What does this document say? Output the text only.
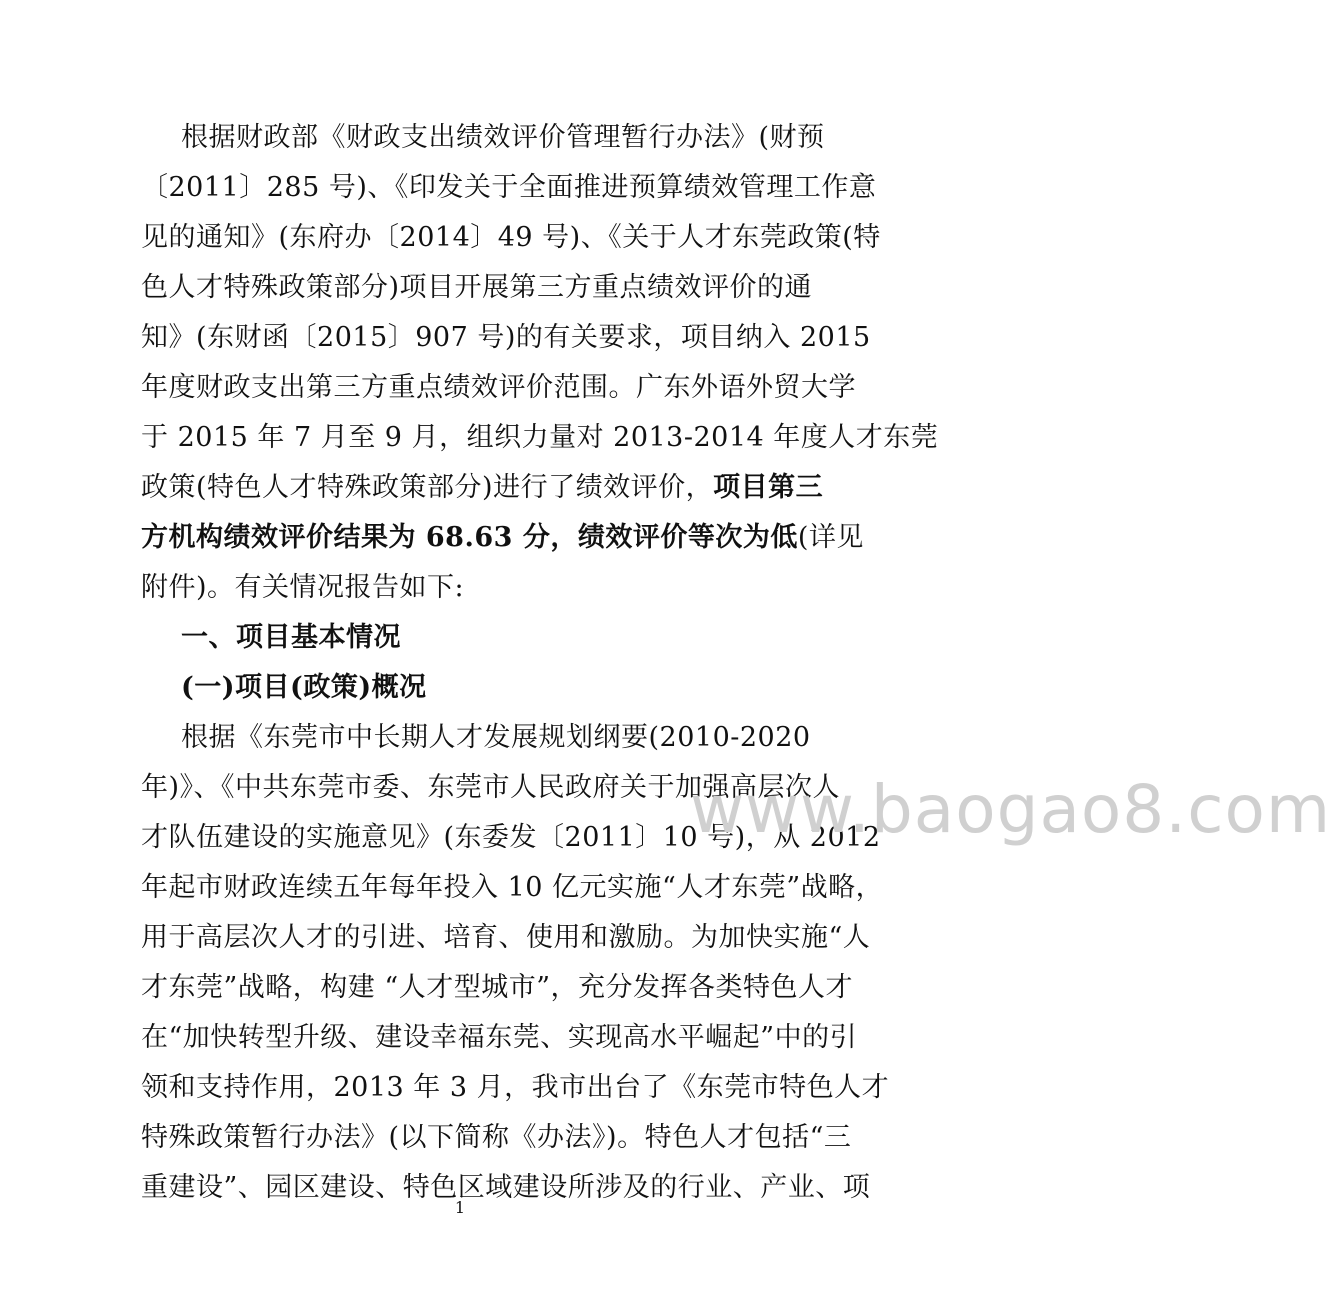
根据财政部《财政支出绩效评价管理暂行办法》(财预
〔2011〕285 号)、《印发关于全面推进预算绩效管理工作意
见的通知》(东府办〔2014〕49 号)、《关于人才东莞政策(特
色人才特殊政策部分)项目开展第三方重点绩效评价的通
知》(东财函〔2015〕907 号)的有关要求，项目纳入 2015
年度财政支出第三方重点绩效评价范围。广东外语外贸大学
于 2015 年 7 月至 9 月，组织力量对 2013-2014 年度人才东莞
政策(特色人才特殊政策部分)进行了绩效评价，项目第三
方机构绩效评价结果为 68.63 分，绩效评价等次为低(详见
附件)。有关情况报告如下:
一、项目基本情况
(一)项目(政策)概况
根据《东莞市中长期人才发展规划纲要(2010-2020
年)》、《中共东莞市委、东莞市人民政府关于加强高层次人
才队伍建设的实施意见》(东委发〔2011〕10 号)，从 2012
年起市财政连续五年每年投入 10 亿元实施“人才东莞”战略，
用于高层次人才的引进、培育、使用和激励。为加快实施“人
才东莞”战略，构建 “人才型城市”，充分发挥各类特色人才
在“加快转型升级、建设幸福东莞、实现高水平崛起”中的引
领和支持作用，2013 年 3 月，我市出台了《东莞市特色人才
特殊政策暂行办法》(以下简称《办法》)。特色人才包括“三
重建设”、园区建设、特色区域建设所涉及的行业、产业、项
www.baogao8.com
1
